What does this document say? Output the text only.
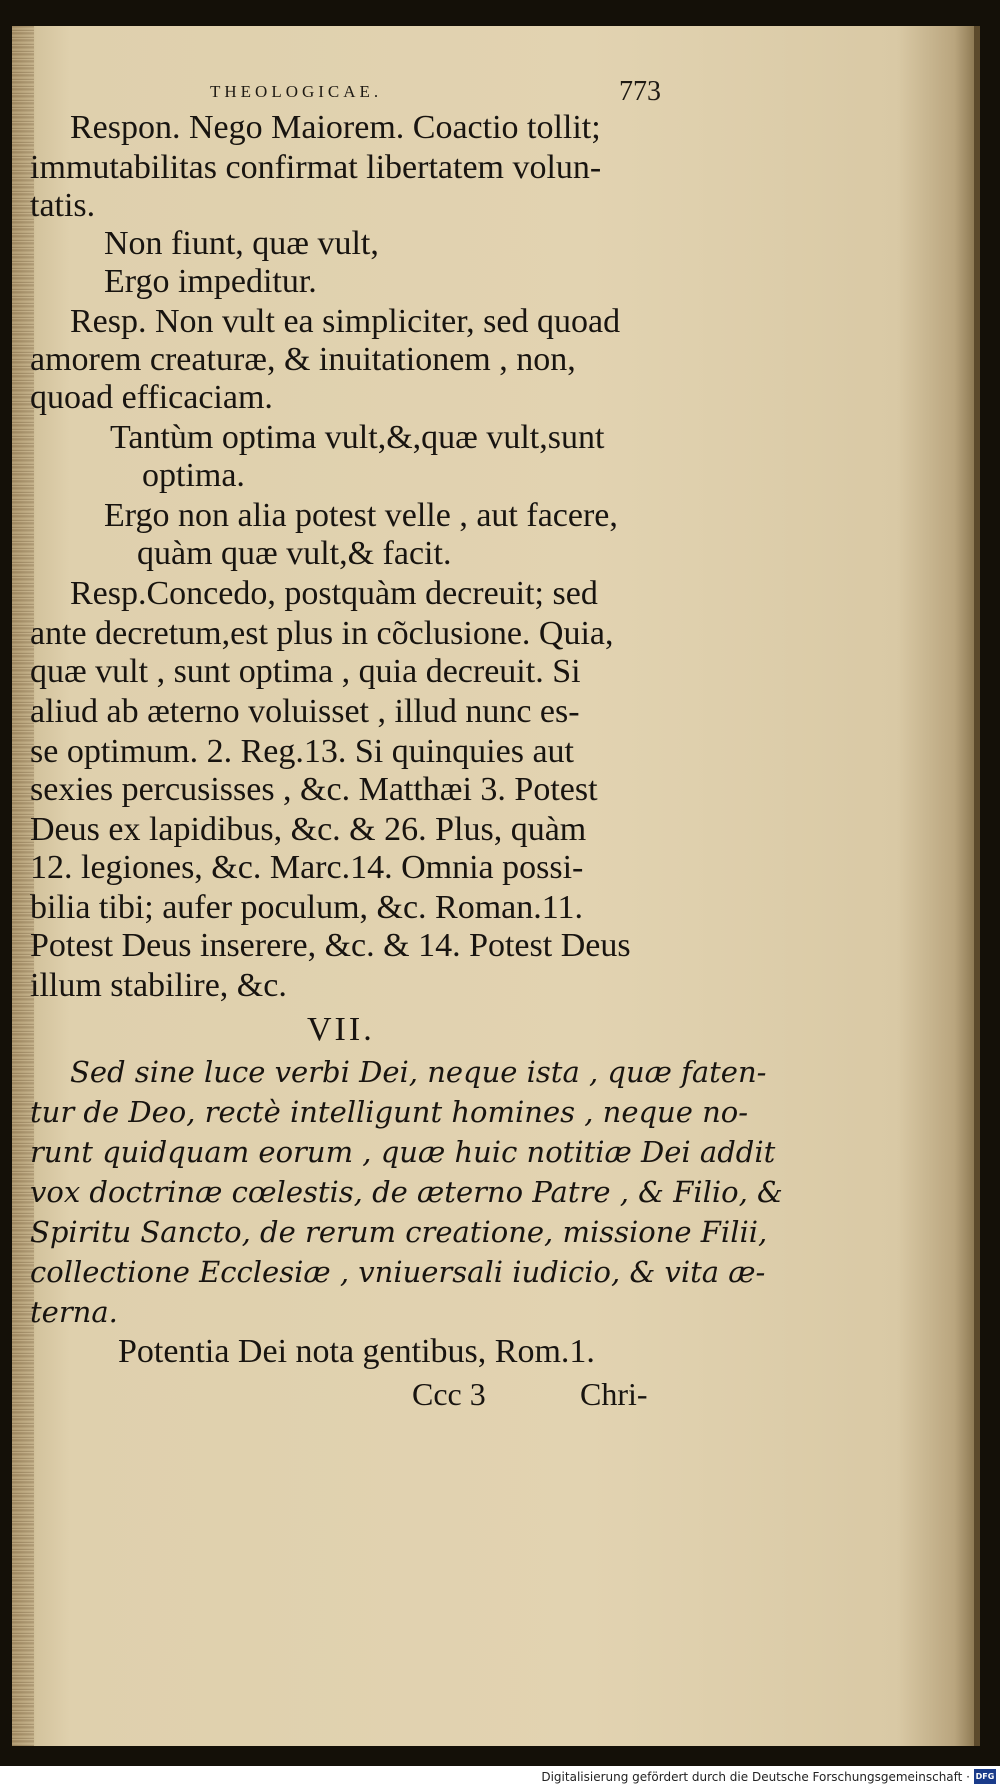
THEOLOGICAE.	773
Respon. Nego Maiorem. Coactio tollit;
immutabilitas confirmat libertatem volun-
tatis.
Non fiunt, quæ vult,
Ergo impeditur.
Resp. Non vult ea simpliciter, sed quoad
amorem creaturæ, & inuitationem , non,
quoad efficaciam.
Tantùm optima vult,&,quæ vult,sunt
optima.
Ergo non alia potest velle , aut facere,
quàm quæ vult,& facit.
Resp.Concedo, postquàm decreuit; sed
ante decretum,est plus in cõclusione. Quia,
quæ vult , sunt optima , quia decreuit. Si
aliud ab æterno voluisset , illud nunc es-
se optimum. 2. Reg.13. Si quinquies aut
sexies percusisses , &c. Matthæi 3. Potest
Deus ex lapidibus, &c. & 26. Plus, quàm
12. legiones, &c. Marc.14. Omnia possi-
bilia tibi; aufer poculum, &c. Roman.11.
Potest Deus inserere, &c. & 14. Potest Deus
illum stabilire, &c.
VII.
Sed sine luce verbi Dei, neque ista , quæ faten-
tur de Deo, rectè intelligunt homines , neque no-
runt quidquam eorum , quæ huic notitiæ Dei addit
vox doctrinæ cœlestis, de æterno Patre , & Filio, &
Spiritu Sancto, de rerum creatione, missione Filii,
collectione Ecclesiæ , vniuersali iudicio, & vita æ-
terna.
Potentia Dei nota gentibus, Rom.1.
Ccc 3	Chri-
Digitalisierung gefördert durch die Deutsche Forschungsgemeinschaft · DFG
